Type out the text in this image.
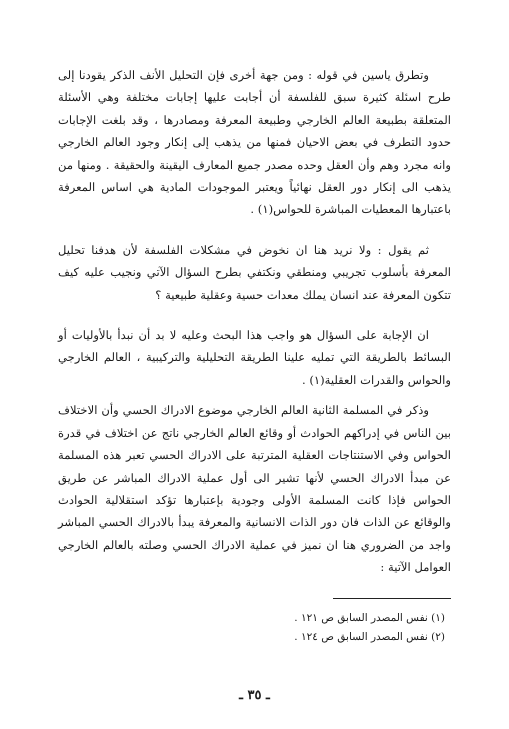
وتطرق ياسين في قوله : ومن جهة أخرى فإن التحليل الأنف الذكر يقودنا إلى طرح اسئلة كثيرة سبق للفلسفة أن أجابت عليها إجابات مختلفة وهي الأسئلة المتعلقة بطبيعة العالم الخارجي وطبيعة المعرفة ومصادرها ، وقد بلغت الإجابات حدود التطرف في بعض الاحيان فمنها من يذهب إلى إنكار وجود العالم الخارجي وانه مجرد وهم وأن العقل وحده مصدر جميع المعارف اليقينة والحقيقة . ومنها من يذهب الى إنكار دور العقل نهائياً ويعتبر الموجودات المادية هي اساس المعرفة باعتبارها المعطيات المباشرة للحواس(١) .

ثم يقول : ولا نريد هنا ان نخوض في مشكلات الفلسفة لأن هدفنا تحليل المعرفة بأسلوب تجريبي ومنطقي ونكتفي بطرح السؤال الآتي ونجيب عليه كيف تتكون المعرفة عند انسان يملك معدات حسية وعقلية طبيعية ؟

ان الإجابة على السؤال هو واجب هذا البحث وعليه لا بد أن نبدأ بالأوليات أو البسائط بالطريقة التي تمليه علينا الطريقة التحليلية والتركيبية ، العالم الخارجي والحواس والقدرات العقلية(١) .

وذكر في المسلمة الثانية العالم الخارجي موضوع الادراك الحسي وأن الاختلاف بين الناس في إدراكهم الحوادث أو وقائع العالم الخارجي ناتج عن اختلاف في قدرة الحواس وفي الاستنتاجات العقلية المترتبة على الادراك الحسي تعبر هذه المسلمة عن مبدأ الادراك الحسي لأنها تشير الى أول عملية الادراك المباشر عن طريق الحواس فإذا كانت المسلمة الأولى وجودية بإعتبارها تؤكد استقلالية الحوادث والوقائع عن الذات فان دور الذات الانسانية والمعرفة يبدأ بالادراك الحسي المباشر واجد من الضروري هنا ان نميز في عملية الادراك الحسي وصلته بالعالم الخارجي العوامل الآتية :

(١) نفس المصدر السابق ص ١٢١ .

(٢) نفس المصدر السابق ص ١٢٤ .

ـ ٣٥ ـ
